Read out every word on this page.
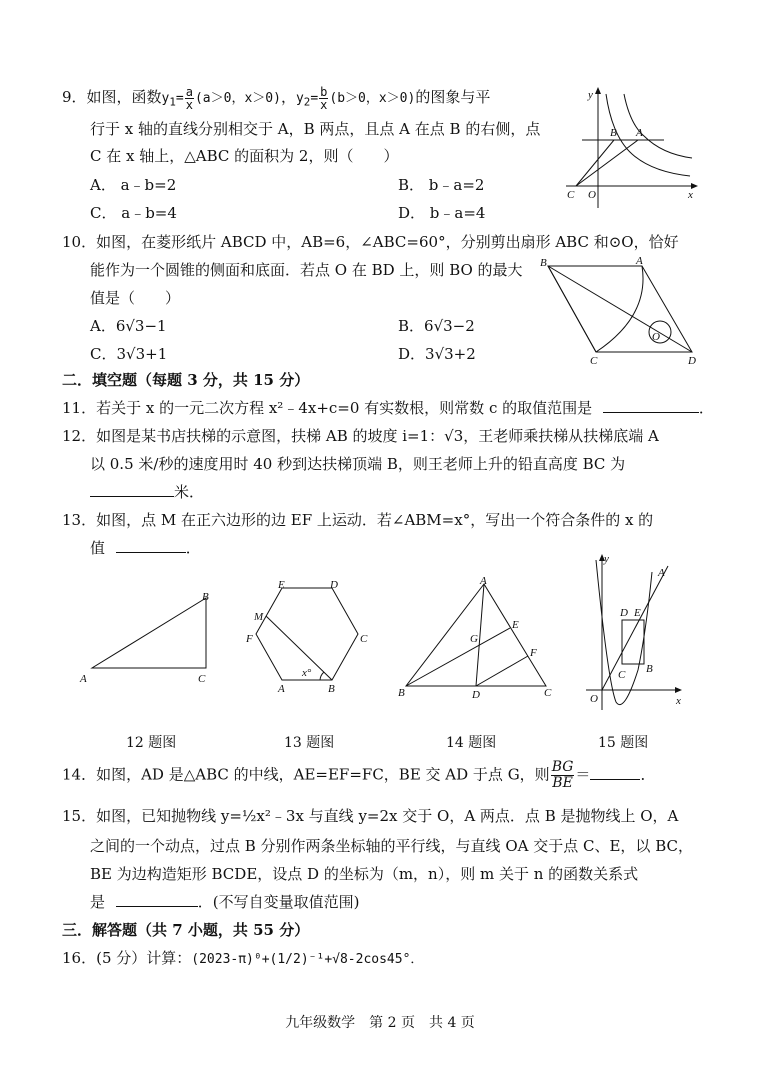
9．如图，函数$y_1= \frac{a}{x} (a>0$，x＞0)，$y_2= \frac{b}{x} (b>0$，x＞0)的图象与平
行于 x 轴的直线分别相交于 A，B 两点，且点 A 在点 B 的右侧，点
C 在 x 轴上，△ABC 的面积为 2，则（　　）
A． a﹣b=2	B． b﹣a=2
C． a﹣b=4	D． b﹣a=4
y
x
O
C
B A
10．如图，在菱形纸片 ABCD 中，AB=6，∠ABC=60°，分别剪出扇形 ABC 和⊙O，恰好
能作为一个圆锥的侧面和底面．若点 O 在 BD 上，则 BO 的最大
值是（　　）
A．6√3−1	B．6√3−2
C．3√3+1	D．3√3+2
B	A
C	D
O
二．填空题（每题 3 分，共 15 分）
11．若关于 x 的一元二次方程 x²﹣4x+c=0 有实数根，则常数 c 的取值范围是	．
12．如图是某书店扶梯的示意图，扶梯 AB 的坡度 i=1：√3，王老师乘扶梯从扶梯底端 A
以 0.5 米/秒的速度用时 40 秒到达扶梯顶端 B，则王老师上升的铅直高度 BC 为
米．
13．如图，点 M 在正六边形的边 EF 上运动．若∠ABM=x°，写出一个符合条件的 x 的
值	．
A	C
B
E	D
C
B
A
F
M
x°
A
B	C
D
E
F
G
y
x
O
A
D E
B
C
12 题图	13 题图	14 题图	15 题图
14．如图，AD 是△ABC 的中线，AE=EF=FC，BE 交 AD 于点 G，则 $\frac{BG}{BE}$ ＝	．
15．如图，已知抛物线 y=½x²﹣3x 与直线 y=2x 交于 O，A 两点．点 B 是抛物线上 O，A
之间的一个动点，过点 B 分别作两条坐标轴的平行线，与直线 OA 交于点 C、E，以 BC，
BE 为边构造矩形 BCDE，设点 D 的坐标为（m，n），则 m 关于 n 的函数关系式
是	．(不写自变量取值范围)
三．解答题（共 7 小题，共 55 分）
16．(5 分）计算：(2023-π)⁰+(1/2)⁻¹+√8-2cos45°．
九年级数学　第 2 页　共 4 页
